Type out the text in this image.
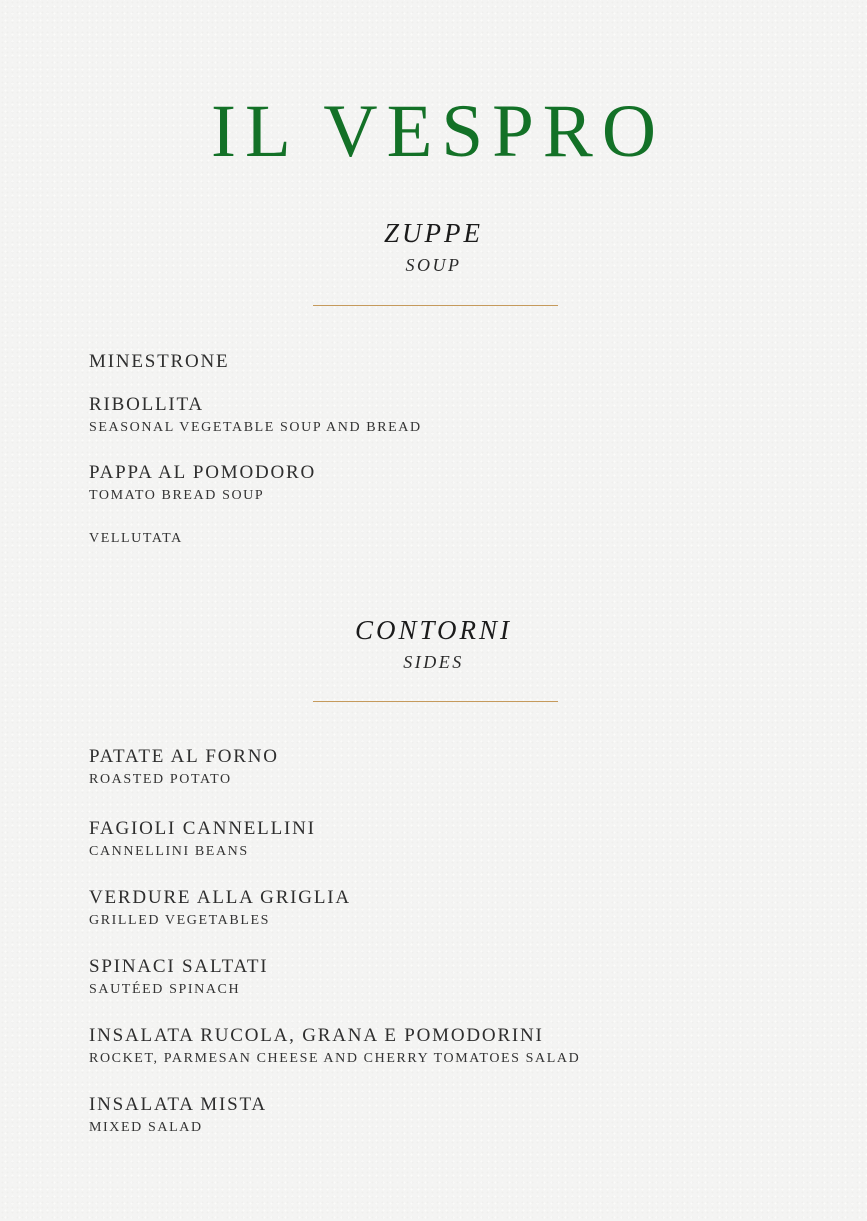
IL VESPRO
ZUPPE
SOUP
MINESTRONE
RIBOLLITA
SEASONAL VEGETABLE SOUP AND BREAD
PAPPA AL POMODORO
TOMATO BREAD SOUP
VELLUTATA
CONTORNI
SIDES
PATATE AL FORNO
ROASTED POTATO
FAGIOLI CANNELLINI
CANNELLINI BEANS
VERDURE ALLA GRIGLIA
GRILLED VEGETABLES
SPINACI SALTATI
SAUTÉED SPINACH
INSALATA RUCOLA, GRANA E POMODORINI
ROCKET, PARMESAN CHEESE AND CHERRY TOMATOES SALAD
INSALATA MISTA
MIXED SALAD
